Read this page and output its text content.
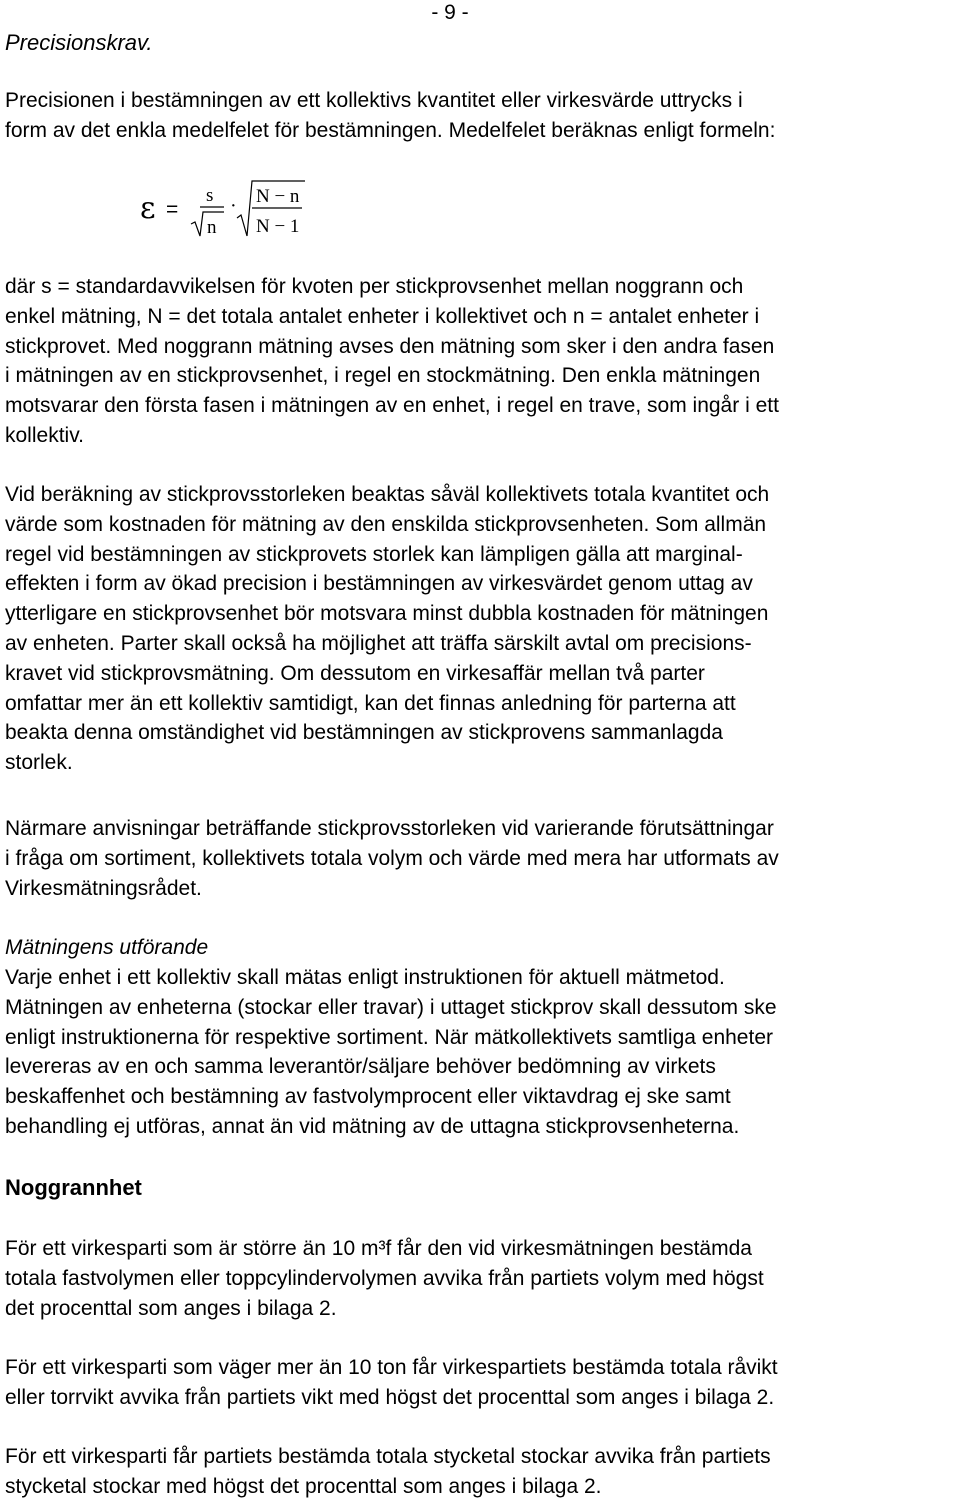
- 9 -
Precisionskrav.
Precisionen i bestämningen av ett kollektivs kvantitet eller virkesvärde uttrycks i
form av det enkla medelfelet för bestämningen. Medelfelet beräknas enligt formeln:
ε =
s
n
· N − n
N − 1
där s = standardavvikelsen för kvoten per stickprovsenhet mellan noggrann och
enkel mätning, N = det totala antalet enheter i kollektivet och n = antalet enheter i
stickprovet. Med noggrann mätning avses den mätning som sker i den andra fasen
i mätningen av en stickprovsenhet, i regel en stockmätning. Den enkla mätningen
motsvarar den första fasen i mätningen av en enhet, i regel en trave, som ingår i ett
kollektiv.
Vid beräkning av stickprovsstorleken beaktas såväl kollektivets totala kvantitet och
värde som kostnaden för mätning av den enskilda stickprovsenheten. Som allmän
regel vid bestämningen av stickprovets storlek kan lämpligen gälla att marginal-
effekten i form av ökad precision i bestämningen av virkesvärdet genom uttag av
ytterligare en stickprovsenhet bör motsvara minst dubbla kostnaden för mätningen
av enheten. Parter skall också ha möjlighet att träffa särskilt avtal om precisions-
kravet vid stickprovsmätning. Om dessutom en virkesaffär mellan två parter
omfattar mer än ett kollektiv samtidigt, kan det finnas anledning för parterna att
beakta denna omständighet vid bestämningen av stickprovens sammanlagda
storlek.
Närmare anvisningar beträffande stickprovsstorleken vid varierande förutsättningar
i fråga om sortiment, kollektivets totala volym och värde med mera har utformats av
Virkesmätningsrådet.
Mätningens utförande
Varje enhet i ett kollektiv skall mätas enligt instruktionen för aktuell mätmetod.
Mätningen av enheterna (stockar eller travar) i uttaget stickprov skall dessutom ske
enligt instruktionerna för respektive sortiment. När mätkollektivets samtliga enheter
levereras av en och samma leverantör/säljare behöver bedömning av virkets
beskaffenhet och bestämning av fastvolymprocent eller viktavdrag ej ske samt
behandling ej utföras, annat än vid mätning av de uttagna stickprovsenheterna.
Noggrannhet
För ett virkesparti som är större än 10 m³f får den vid virkesmätningen bestämda
totala fastvolymen eller toppcylindervolymen avvika från partiets volym med högst
det procenttal som anges i bilaga 2.
För ett virkesparti som väger mer än 10 ton får virkespartiets bestämda totala råvikt
eller torrvikt avvika från partiets vikt med högst det procenttal som anges i bilaga 2.
För ett virkesparti får partiets bestämda totala stycketal stockar avvika från partiets
stycketal stockar med högst det procenttal som anges i bilaga 2.
